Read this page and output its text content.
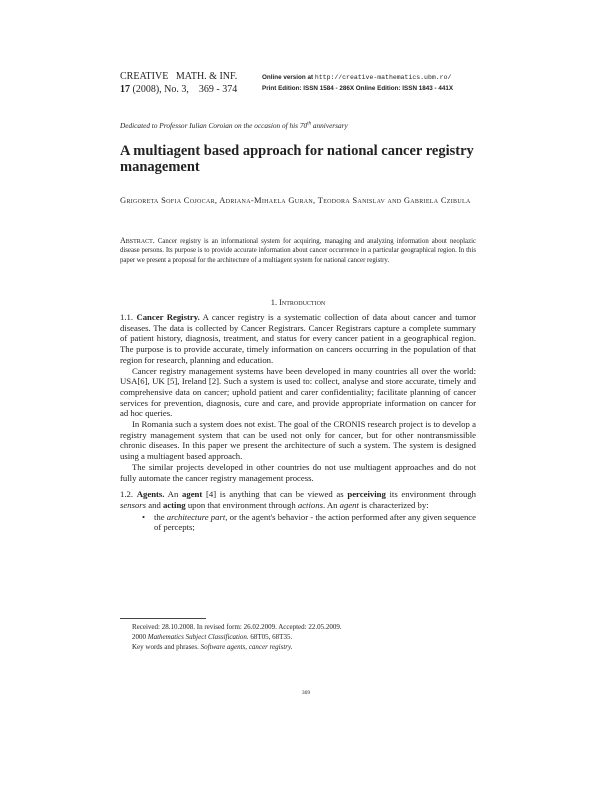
CREATIVE   MATH. & INF.
17 (2008), No. 3,    369 - 374
Online version at http://creative-mathematics.ubm.ro/
Print Edition: ISSN 1584 - 286X Online Edition: ISSN 1843 - 441X
Dedicated to Professor Iulian Coroian on the occasion of his 70th anniversary
A multiagent based approach for national cancer registry management
Grigoreta Sofia Cojocar, Adriana-Mihaela Guran, Teodora Sanislav and Gabriela Czibula
Abstract. Cancer registry is an informational system for acquiring, managing and analyzing information about neoplazic disease persons. Its purpose is to provide accurate information about cancer occurrence in a particular geographical region. In this paper we present a proposal for the architecture of a multiagent system for national cancer registry.
1. Introduction

1.1. Cancer Registry. A cancer registry is a systematic collection of data about cancer and tumor diseases. The data is collected by Cancer Registrars. Cancer Registrars capture a complete summary of patient history, diagnosis, treatment, and status for every cancer patient in a geographical region. The purpose is to provide accurate, timely information on cancers occurring in the population of that region for research, planning and education.

Cancer registry management systems have been developed in many countries all over the world: USA[6], UK [5], Ireland [2]. Such a system is used to: collect, analyse and store accurate, timely and comprehensive data on cancer; uphold patient and carer confidentiality; facilitate planning of cancer services for prevention, diagnosis, cure and care, and provide appropriate information on cancer for ad hoc queries.

In Romania such a system does not exist. The goal of the CRONIS research project is to develop a registry management system that can be used not only for cancer, but for other nontransmissible chronic diseases. In this paper we present the architecture of such a system. The system is designed using a multiagent based approach.

The similar projects developed in other countries do not use multiagent approaches and do not fully automate the cancer registry management process.

1.2. Agents. An agent [4] is anything that can be viewed as perceiving its environment through sensors and acting upon that environment through actions. An agent is characterized by:

• the architecture part, or the agent's behavior - the action performed after any given sequence of percepts;
Received: 28.10.2008. In revised form: 26.02.2009. Accepted: 22.05.2009.
2000 Mathematics Subject Classification. 68T05, 68T35.
Key words and phrases. Software agents, cancer registry.
369
